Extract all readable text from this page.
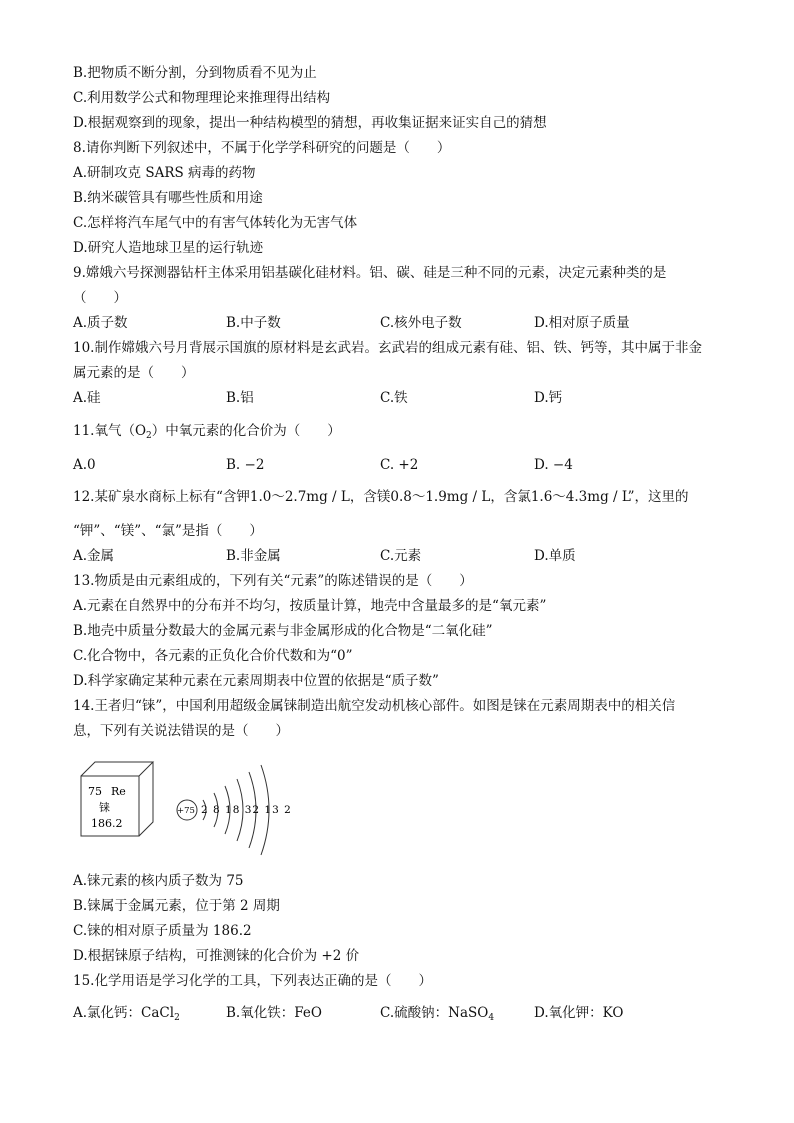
B.把物质不断分割，分到物质看不见为止
C.利用数学公式和物理理论来推理得出结构
D.根据观察到的现象，提出一种结构模型的猜想，再收集证据来证实自己的猜想
8.请你判断下列叙述中，不属于化学学科研究的问题是（　　）
A.研制攻克 SARS 病毒的药物
B.纳米碳管具有哪些性质和用途
C.怎样将汽车尾气中的有害气体转化为无害气体
D.研究人造地球卫星的运行轨迹
9.嫦娥六号探测器钻杆主体采用铝基碳化硅材料。铝、碳、硅是三种不同的元素，决定元素种类的是
（　　）
A.质子数	B.中子数	C.核外电子数	D.相对原子质量
10.制作嫦娥六号月背展示国旗的原材料是玄武岩。玄武岩的组成元素有硅、铝、铁、钙等，其中属于非金
属元素的是（　　）
A.硅	B.铝	C.铁	D.钙
11.氧气$(O_2)$中氧元素的化合价为（　　）
A.0	B. −2	C. +2	D. −4
12.某矿泉水商标上标有“含钾1.0～2.7mg / L，含镁0.8～1.9mg / L，含氯1.6～4.3mg / L”，这里的
“钾”、“镁”、“氯”是指（　　）
A.金属	B.非金属	C.元素	D.单质
13.物质是由元素组成的，下列有关“元素”的陈述错误的是（　　）
A.元素在自然界中的分布并不均匀，按质量计算，地壳中含量最多的是“氧元素”
B.地壳中质量分数最大的金属元素与非金属形成的化合物是“二氧化硅”
C.化合物中，各元素的正负化合价代数和为“0”
D.科学家确定某种元素在元素周期表中位置的依据是“质子数”
14.王者归“铼”，中国利用超级金属铼制造出航空发动机核心部件。如图是铼在元素周期表中的相关信
息，下列有关说法错误的是（　　）
75 Re
铼
186.2
+75 2 8 18 32 13 2
A.铼元素的核内质子数为 75
B.铼属于金属元素，位于第 2 周期
C.铼的相对原子质量为 186.2
D.根据铼原子结构，可推测铼的化合价为 +2 价
15.化学用语是学习化学的工具，下列表达正确的是（　　）
A.氯化钙：CaCl$_2$	B.氧化铁：FeO	C.硫酸钠：NaSO$_4$	D.氧化钾：KO
